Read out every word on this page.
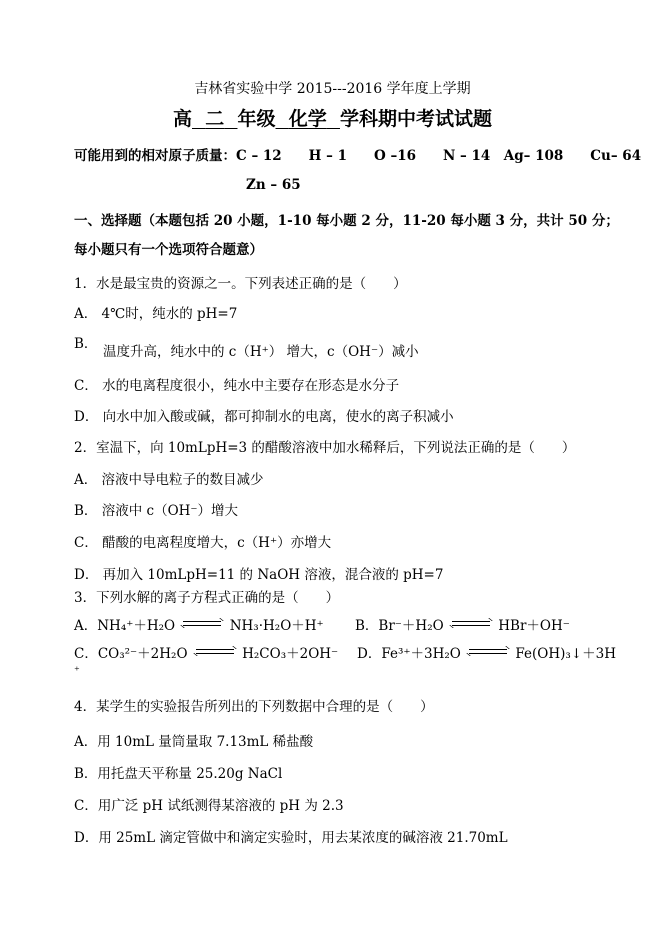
吉林省实验中学 2015---2016 学年度上学期
高 二 年级 化学 学科期中考试试题
可能用到的相对原子质量：C – 12　　H – 1　　O –16　　N – 14　Ag– 108　　Cu– 64
Zn – 65
一、选择题（本题包括 20 小题，1-10 每小题 2 分，11-20 每小题 3 分，共计 50 分；
每小题只有一个选项符合题意）
1．水是最宝贵的资源之一。下列表述正确的是（　　）
A． 4℃时，纯水的 pH=7
B． 温度升高，纯水中的 c（H⁺） 增大，c（OH⁻）减小
C． 水的电离程度很小，纯水中主要存在形态是水分子
D． 向水中加入酸或碱，都可抑制水的电离，使水的离子积减小
2．室温下，向 10mLpH=3 的醋酸溶液中加水稀释后，下列说法正确的是（　　）
A． 溶液中导电粒子的数目减少
B． 溶液中 c（OH⁻）增大
C． 醋酸的电离程度增大，c（H⁺）亦增大
D． 再加入 10mLpH=11 的 NaOH 溶液，混合液的 pH=7
3．下列水解的离子方程式正确的是（　　）
A．NH₄⁺＋H₂O	NH₃·H₂O＋H⁺ B．Br⁻＋H₂O	HBr＋OH⁻
C．CO₃²⁻＋2H₂O	H₂CO₃＋2OH⁻ D．Fe³⁺＋3H₂O	Fe(OH)₃↓＋3H
⁺
4．某学生的实验报告所列出的下列数据中合理的是（　　）
A．用 10mL 量筒量取 7.13mL 稀盐酸
B．用托盘天平称量 25.20g NaCl
C．用广泛 pH 试纸测得某溶液的 pH 为 2.3
D．用 25mL 滴定管做中和滴定实验时，用去某浓度的碱溶液 21.70mL
